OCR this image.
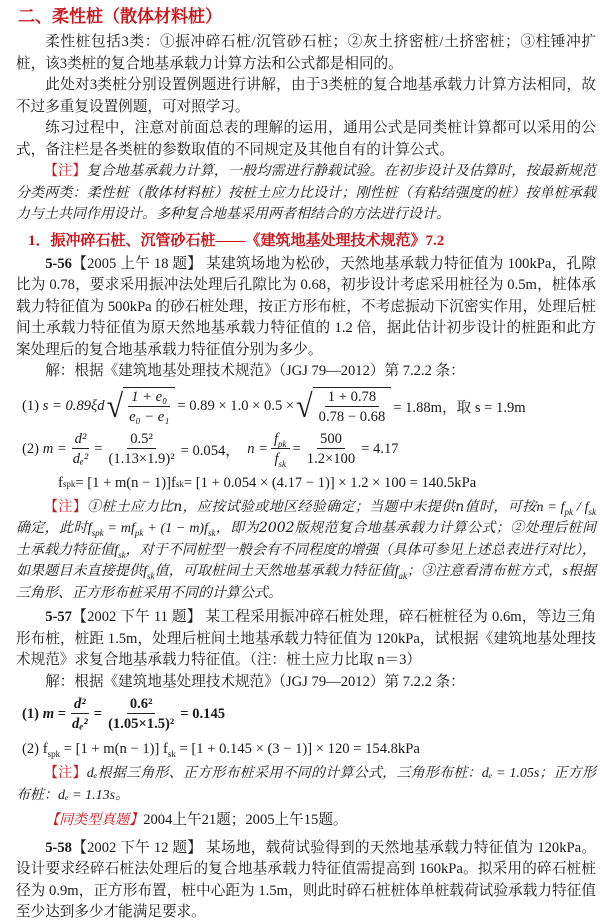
二、柔性桩（散体材料桩）

柔性桩包括3类：①振冲碎石桩/沉管砂石桩；②灰土挤密桩/土挤密桩；③柱锤冲扩桩，该3类桩的复合地基承载力计算方法和公式都是相同的。

此处对3类桩分别设置例题进行讲解，由于3类桩的复合地基承载力计算方法相同，故不过多重复设置例题，可对照学习。

练习过程中，注意对前面总表的理解的运用，通用公式是同类桩计算都可以采用的公式，备注栏是各类桩的参数取值的不同规定及其他自有的计算公式。

【注】复合地基承载力计算，一般均需进行静载试验。在初步设计及估算时，按最新规范分类两类：柔性桩（散体材料桩）按桩土应力比设计；刚性桩（有粘结强度的桩）按单桩承载力与土共同作用设计。多种复合地基采用两者相结合的方法进行设计。

1．振冲碎石桩、沉管砂石桩——《建筑地基处理技术规范》7.2

5-56【2005 上午 18 题】 某建筑场地为松砂，天然地基承载力特征值为 100kPa，孔隙比为 0.78，要求采用振冲法处理后孔隙比为 0.68，初步设计考虑采用桩径为 0.5m，桩体承载力特征值为 500kPa 的砂石桩处理，按正方形布桩，不考虑振动下沉密实作用，处理后桩间土承载力特征值为原天然地基承载力特征值的 1.2 倍，据此估计初步设计的桩距和此方案处理后的复合地基承载力特征值分别为多少。

解：根据《建筑地基处理技术规范》（JGJ 79—2012）第 7.2.2 条：

(1)
s = 0.89ξd √ $\frac{\text{1 + e₀}}{\text{e₀ − e₁}} = 0.89 \times 1.0 \times 0.5$ × √ $\frac{1 + 0.78}{0.78 - 0.68} = 1.88m$，取 s = 1.9m
(2)
$m = \frac{\text{d²}}{\text{dₑ²}} = \frac{\text{0.5²}}{\text{(1.13×1.9)²}} = 0.054$，
$n = \frac{f_{pk}}{f_{sk}} = \frac{500}{1.2\times 100} = 4.17$
f spk = [1 + m(n − 1)]f sk = [1 + 0.054 × (4.17 − 1)] × 1.2 × 100 = 140.5kPa

【注】①桩土应力比n，应按试验或地区经验确定；当题中未提供n值时，可按$n = f_{pk} / f_{sk}$确定，此时$f_{spk} = mf_{pk} + (1 - m)f_{sk}$，即为2002版规范复合地基承载力计算公式；②处理后桩间土承载力特征值$f_{sk}$，对于不同桩型一般会有不同程度的增强（具体可参见上述总表进行对比），如果题目未直接提供$f_{sk}$值，可取桩间土天然地基承载力特征值$f_{ak}$；③注意看清布桩方式，s根据三角形、正方形布桩采用不同的计算公式。

5-57【2002 下午 11 题】 某工程采用振冲碎石桩处理，碎石桩桩径为 0.6m，等边三角形布桩，桩距 1.5m，处理后桩间土地基承载力特征值为 120kPa，试根据《建筑地基处理技术规范》求复合地基承载力特征值。（注：桩土应力比取 n＝3）

解：根据《建筑地基处理技术规范》（JGJ 79—2012）第 7.2.2 条：

(1)
$m = \frac{\text{d²}}{\text{dₑ²}} = \frac{\text{0.6²}}{\text{(1.05×1.5)²}} = 0.145$
(2)
$f_{spk} = [1 + m(n - 1)] f_{sk} = [1 + 0.145 \times (3 - 1)] \times 120 = 154.8kPa$

【注】dₑ根据三角形、正方形布桩采用不同的计算公式，三角形布桩：dₑ = 1.05s；正方形布桩：dₑ = 1.13s。

【同类型真题】2004上午21题；2005上午15题。

5-58【2002 下午 12 题】 某场地，载荷试验得到的天然地基承载力特征值为 120kPa。设计要求经碎石桩法处理后的复合地基承载力特征值需提高到 160kPa。拟采用的碎石桩桩径为 0.9m，正方形布置，桩中心距为 1.5m，则此时碎石桩桩体单桩载荷试验承载力特征值至少达到多少才能满足要求。
